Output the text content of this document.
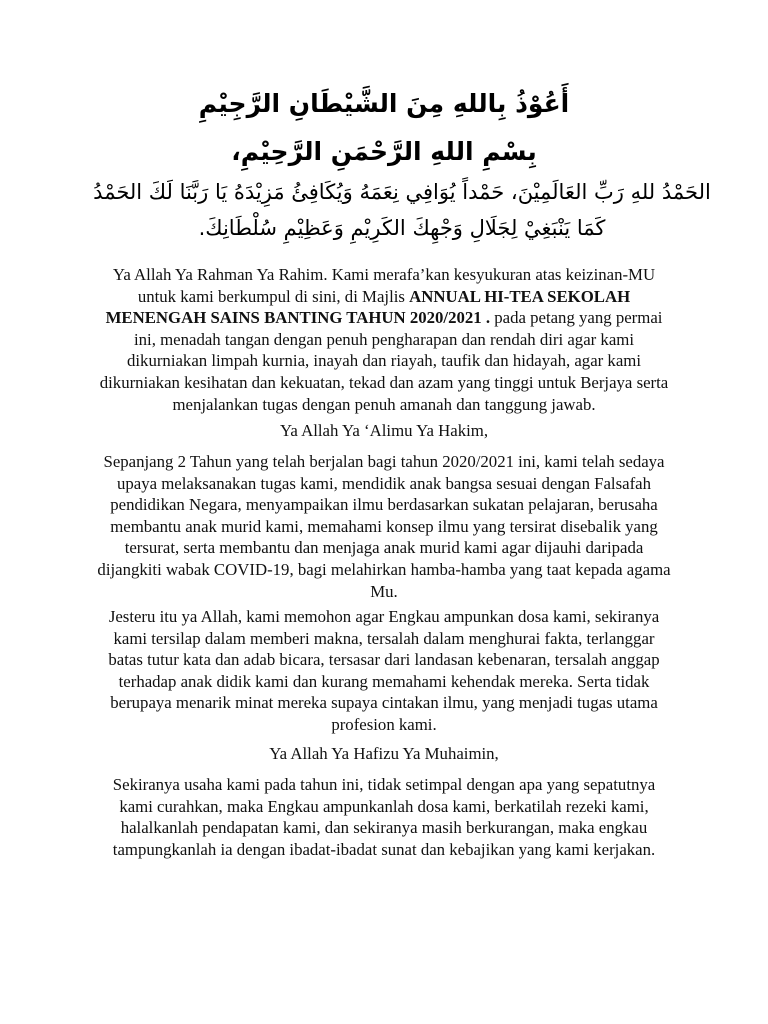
أَعُوْذُ بِاللهِ مِنَ الشَّيْطَانِ الرَّجِيْمِ
بِسْمِ اللهِ الرَّحْمَنِ الرَّحِيْمِ،
الحَمْدُ للهِ رَبِّ العَالَمِيْنَ، حَمْداً يُوَافِي نِعَمَهُ وَيُكَافِئُ مَزِيْدَهُ يَا رَبَّنَا لَكَ الحَمْدُ كَمَا يَنْبَغِيْ لِجَلَالِ وَجْهِكَ الكَرِيْمِ وَعَظِيْمِ سُلْطَانِكَ.

Ya Allah Ya Rahman Ya Rahim. Kami merafa’kan kesyukuran atas keizinan-MU untuk kami berkumpul di sini, di Majlis ANNUAL HI-TEA SEKOLAH MENENGAH SAINS BANTING TAHUN 2020/2021 . pada petang yang permai ini, menadah tangan dengan penuh pengharapan dan rendah diri agar kami dikurniakan limpah kurnia, inayah dan riayah, taufik dan hidayah, agar kami dikurniakan kesihatan dan kekuatan, tekad dan azam yang tinggi untuk Berjaya serta menjalankan tugas dengan penuh amanah dan tanggung jawab.

Ya Allah Ya ‘Alimu Ya Hakim,

Sepanjang 2 Tahun yang telah berjalan bagi tahun 2020/2021 ini, kami telah sedaya upaya melaksanakan tugas kami, mendidik anak bangsa sesuai dengan Falsafah pendidikan Negara, menyampaikan ilmu berdasarkan sukatan pelajaran, berusaha membantu anak murid kami, memahami konsep ilmu yang tersirat disebalik yang tersurat, serta membantu dan menjaga anak murid kami agar dijauhi daripada dijangkiti wabak COVID-19, bagi melahirkan hamba-hamba yang taat kepada agama Mu.

Jesteru itu ya Allah, kami memohon agar Engkau ampunkan dosa kami, sekiranya kami tersilap dalam memberi makna, tersalah dalam menghurai fakta, terlanggar batas tutur kata dan adab bicara, tersasar dari landasan kebenaran, tersalah anggap terhadap anak didik kami dan kurang memahami kehendak mereka. Serta tidak berupaya menarik minat mereka supaya cintakan ilmu, yang menjadi tugas utama profesion kami.

Ya Allah Ya Hafizu Ya Muhaimin,

Sekiranya usaha kami pada tahun ini, tidak setimpal dengan apa yang sepatutnya kami curahkan, maka Engkau ampunkanlah dosa kami, berkatilah rezeki kami, halalkanlah pendapatan kami, dan sekiranya masih berkurangan, maka engkau tampungkanlah ia dengan ibadat-ibadat sunat dan kebajikan yang kami kerjakan.
